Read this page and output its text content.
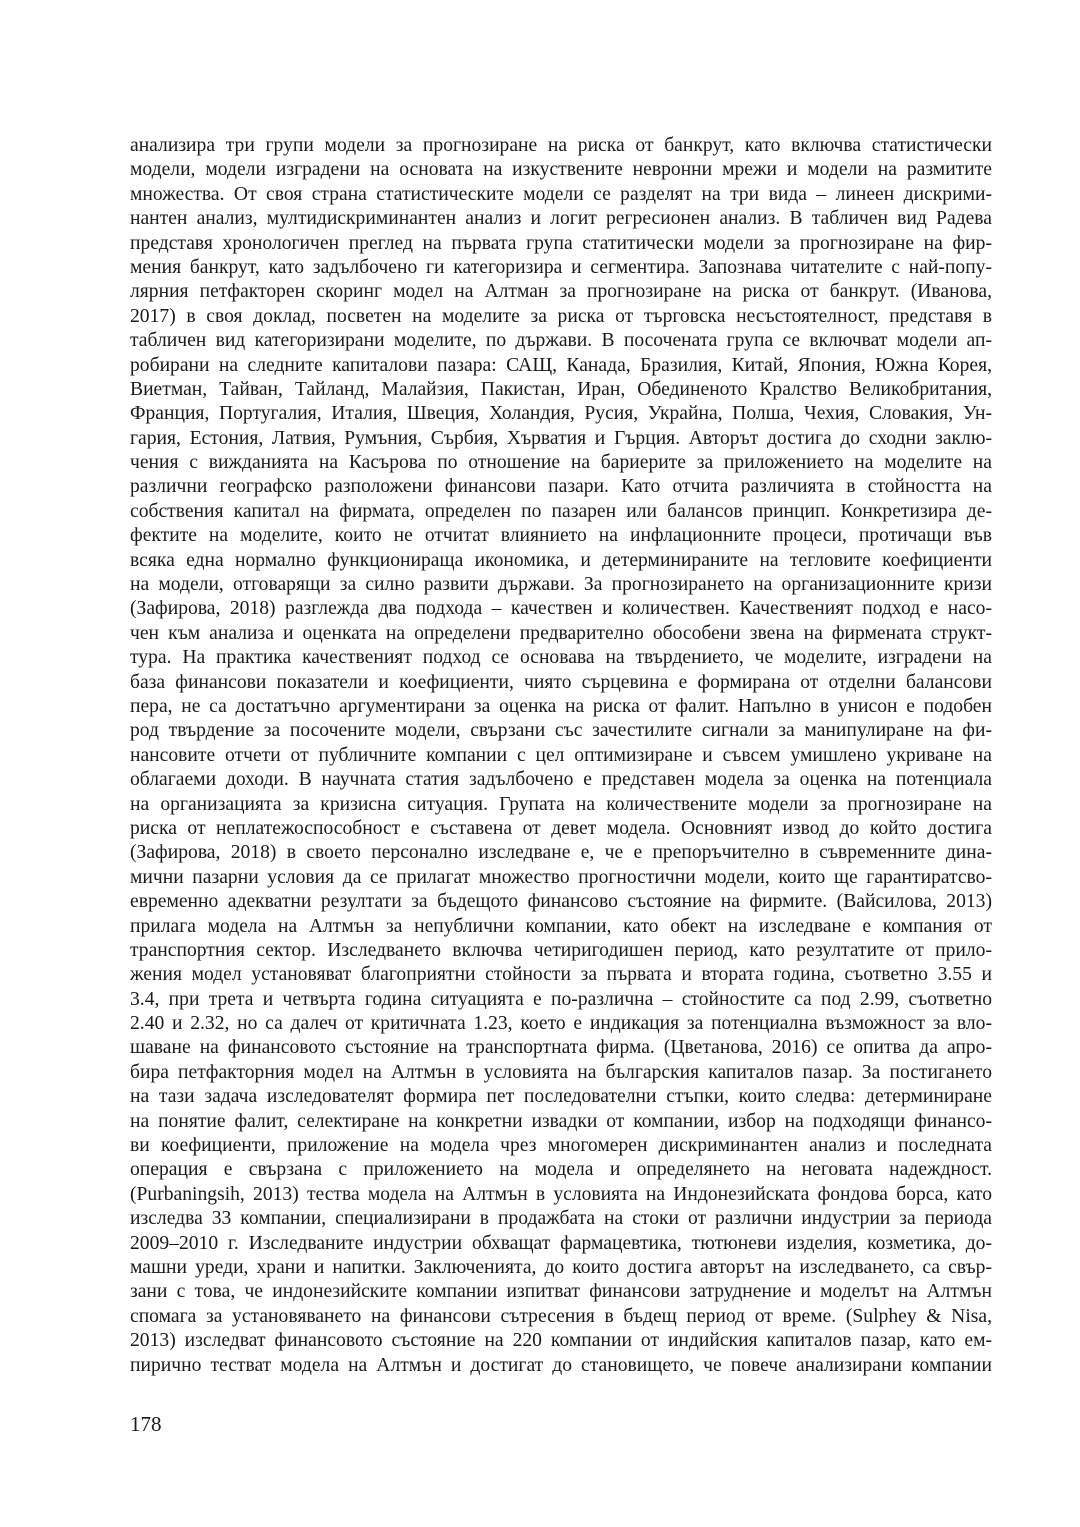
анализира три групи модели за прогнозиране на риска от банкрут, като включва статистически
модели, модели изградени на основата на изкуствените невронни мрежи и модели на размитите
множества. От своя страна статистическите модели се разделят на три вида – линеен дискрими-
нантен анализ, мултидискриминантен анализ и логит регресионен анализ. В табличен вид Радева
представя хронологичен преглед на първата група статитически модели за прогнозиране на фир-
мения банкрут, като задълбочено ги категоризира и сегментира. Запознава читателите с най-попу-
лярния петфакторен скоринг модел на Алтман за прогнозиране на риска от банкрут. (Иванова,
2017) в своя доклад, посветен на моделите за риска от търговска несъстоятелност, представя в
табличен вид категоризирани моделите, по държави. В посочената група се включват модели ап-
робирани на следните капиталови пазара: САЩ, Канада, Бразилия, Китай, Япония, Южна Корея,
Виетман, Тайван, Тайланд, Малайзия, Пакистан, Иран, Обединеното Кралство Великобритания,
Франция, Португалия, Италия, Швеция, Холандия, Русия, Украйна, Полша, Чехия, Словакия, Ун-
гария, Естония, Латвия, Румъния, Сърбия, Хърватия и Гърция. Авторът достига до сходни заклю-
чения с вижданията на Касърова по отношение на бариерите за приложението на моделите на
различни географско разположени финансови пазари. Като отчита различията в стойността на
собствения капитал на фирмата, определен по пазарен или балансов принцип. Конкретизира де-
фектите на моделите, които не отчитат влиянието на инфлационните процеси, протичащи във
всяка една нормално функционираща икономика, и детерминираните на тегловите коефициенти
на модели, отговарящи за силно развити държави. За прогнозирането на организационните кризи
(Зафирова, 2018) разглежда два подхода – качествен и количествен. Качественият подход е насо-
чен към анализа и оценката на определени предварително обособени звена на фирмената структ-
тура. На практика качественият подход се основава на твърдението, че моделите, изградени на
база финансови показатели и коефициенти, чиято сърцевина е формирана от отделни балансови
пера, не са достатъчно аргументирани за оценка на риска от фалит. Напълно в унисон е подобен
род твърдение за посочените модели, свързани със зачестилите сигнали за манипулиране на фи-
нансовите отчети от публичните компании с цел оптимизиране и съвсем умишлено укриване на
облагаеми доходи. В научната статия задълбочено е представен модела за оценка на потенциала
на организацията за кризисна ситуация. Групата на количествените модели за прогнозиране на
риска от неплатежоспособност е съставена от девет модела. Основният извод до който достига
(Зафирова, 2018) в своето персонално изследване е, че е препоръчително в съвременните дина-
мични пазарни условия да се прилагат множество прогностични модели, които ще гарантиратсво-
евременно адекватни резултати за бъдещото финансово състояние на фирмите. (Вайсилова, 2013)
прилага модела на Алтмън за непублични компании, като обект на изследване е компания от
транспортния сектор. Изследването включва четиригодишен период, като резултатите от прило-
жения модел установяват благоприятни стойности за първата и втората година, съответно 3.55 и
3.4, при трета и четвърта година ситуацията е по-различна – стойностите са под 2.99, съответно
2.40 и 2.32, но са далеч от критичната 1.23, което е индикация за потенциална възможност за вло-
шаване на финансовото състояние на транспортната фирма. (Цветанова, 2016) се опитва да апро-
бира петфакторния модел на Алтмън в условията на българския капиталов пазар. За постигането
на тази задача изследователят формира пет последователни стъпки, които следва: детерминиране
на понятие фалит, селектиране на конкретни извадки от компании, избор на подходящи финансо-
ви коефициенти, приложение на модела чрез многомерен дискриминантен анализ и последната
операция е свързана с приложението на модела и определянето на неговата надеждност.
(Purbaningsih, 2013) тества модела на Алтмън в условията на Индонезийската фондова борса, като
изследва 33 компании, специализирани в продажбата на стоки от различни индустрии за периода
2009–2010 г. Изследваните индустрии обхващат фармацевтика, тютюневи изделия, козметика, до-
машни уреди, храни и напитки. Заключенията, до които достига авторът на изследването, са свър-
зани с това, че индонезийските компании изпитват финансови затруднение и моделът на Алтмън
спомага за установяването на финансови сътресения в бъдещ период от време. (Sulphey & Nisa,
2013) изследват финансовото състояние на 220 компании от индийския капиталов пазар, като ем-
пирично тестват модела на Алтмън и достигат до становището, че повече анализирани компании
178
